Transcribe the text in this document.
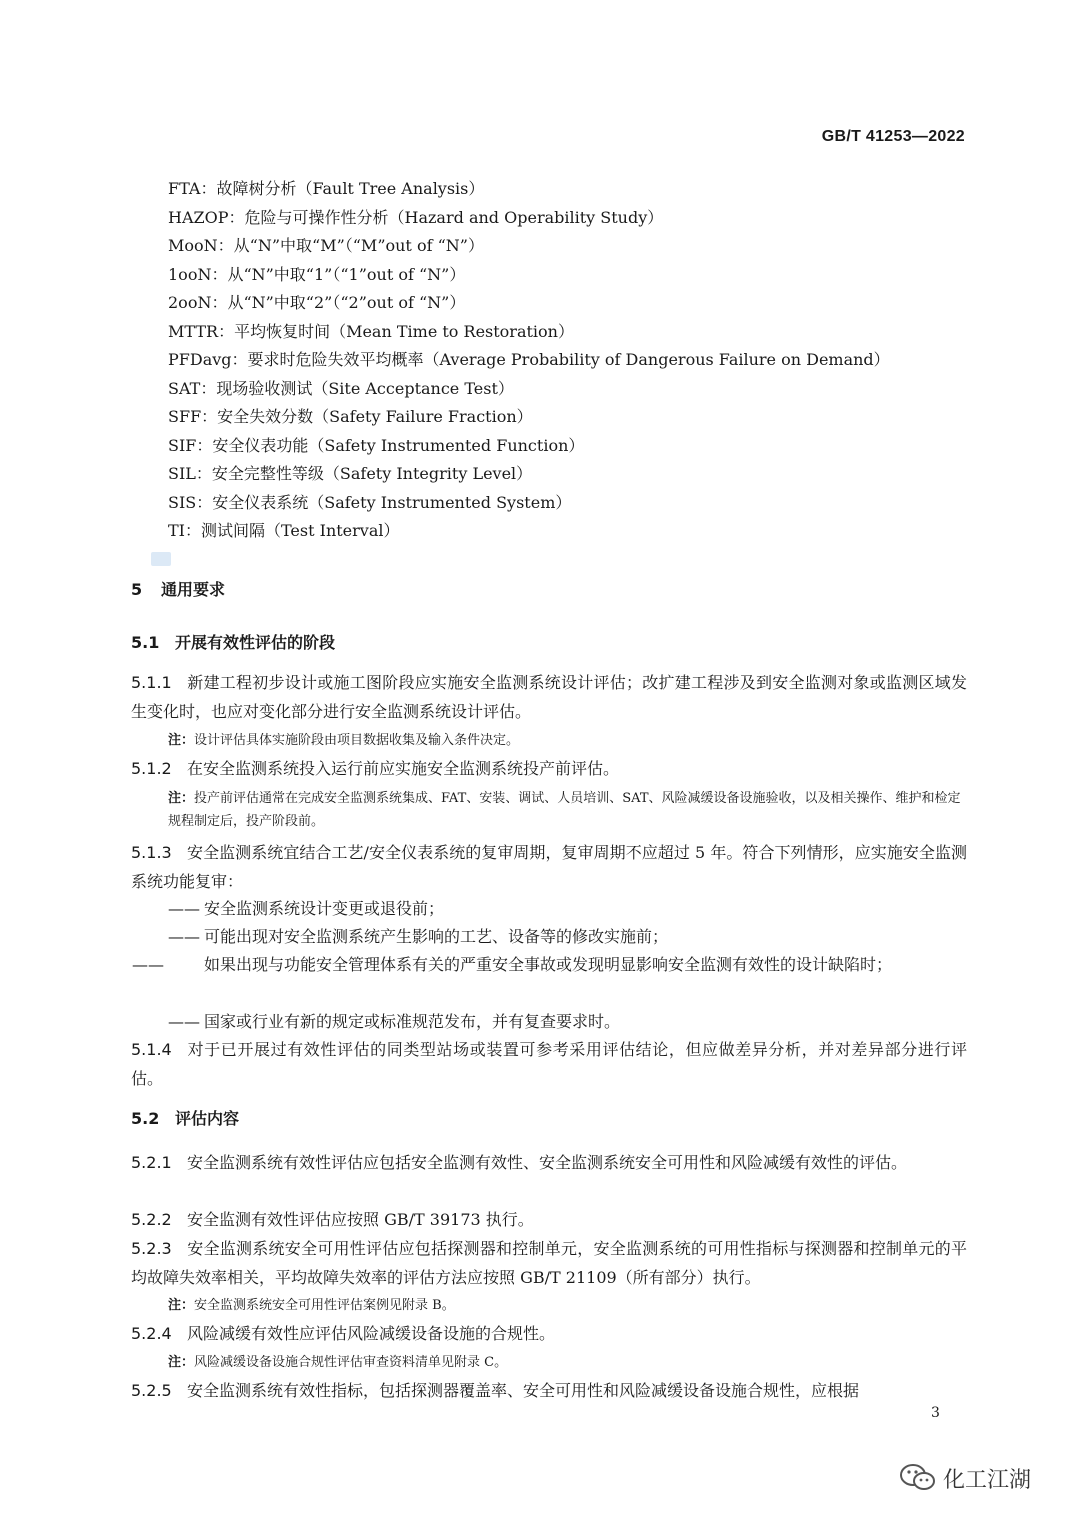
GB/T 41253—2022
FTA：故障树分析（Fault Tree Analysis）
HAZOP：危险与可操作性分析（Hazard and Operability Study）
MooN：从“N”中取“M”（“M”out of “N”）
1ooN：从“N”中取“1”（“1”out of “N”）
2ooN：从“N”中取“2”（“2”out of “N”）
MTTR：平均恢复时间（Mean Time to Restoration）
PFDavg：要求时危险失效平均概率（Average Probability of Dangerous Failure on Demand）
SAT：现场验收测试（Site Acceptance Test）
SFF：安全失效分数（Safety Failure Fraction）
SIF：安全仪表功能（Safety Instrumented Function）
SIL：安全完整性等级（Safety Integrity Level）
SIS：安全仪表系统（Safety Instrumented System）
TI：测试间隔（Test Interval）
5 通用要求
5.1 开展有效性评估的阶段
5.1.1 新建工程初步设计或施工图阶段应实施安全监测系统设计评估；改扩建工程涉及到安全监测对象或监测区域发生变化时，也应对变化部分进行安全监测系统设计评估。
注：设计评估具体实施阶段由项目数据收集及输入条件决定。
5.1.2 在安全监测系统投入运行前应实施安全监测系统投产前评估。
注：投产前评估通常在完成安全监测系统集成、FAT、安装、调试、人员培训、SAT、风险减缓设备设施验收，以及相关操作、维护和检定规程制定后，投产阶段前。
5.1.3 安全监测系统宜结合工艺/安全仪表系统的复审周期，复审周期不应超过 5 年。符合下列情形，应实施安全监测系统功能复审：
—— 安全监测系统设计变更或退役前；
—— 可能出现对安全监测系统产生影响的工艺、设备等的修改实施前；
——	如果出现与功能安全管理体系有关的严重安全事故或发现明显影响安全监测有效性的设计缺陷时；
—— 国家或行业有新的规定或标准规范发布，并有复查要求时。
5.1.4 对于已开展过有效性评估的同类型站场或装置可参考采用评估结论，但应做差异分析，并对差异部分进行评估。
5.2 评估内容
5.2.1 安全监测系统有效性评估应包括安全监测有效性、安全监测系统安全可用性和风险减缓有效性的评估。
5.2.2 安全监测有效性评估应按照 GB/T 39173 执行。
5.2.3 安全监测系统安全可用性评估应包括探测器和控制单元，安全监测系统的可用性指标与探测器和控制单元的平均故障失效率相关，平均故障失效率的评估方法应按照 GB/T 21109（所有部分）执行。
注：安全监测系统安全可用性评估案例见附录 B。
5.2.4 风险减缓有效性应评估风险减缓设备设施的合规性。
注：风险减缓设备设施合规性评估审查资料清单见附录 C。
5.2.5 安全监测系统有效性指标，包括探测器覆盖率、安全可用性和风险减缓设备设施合规性，应根据
3
化工江湖
